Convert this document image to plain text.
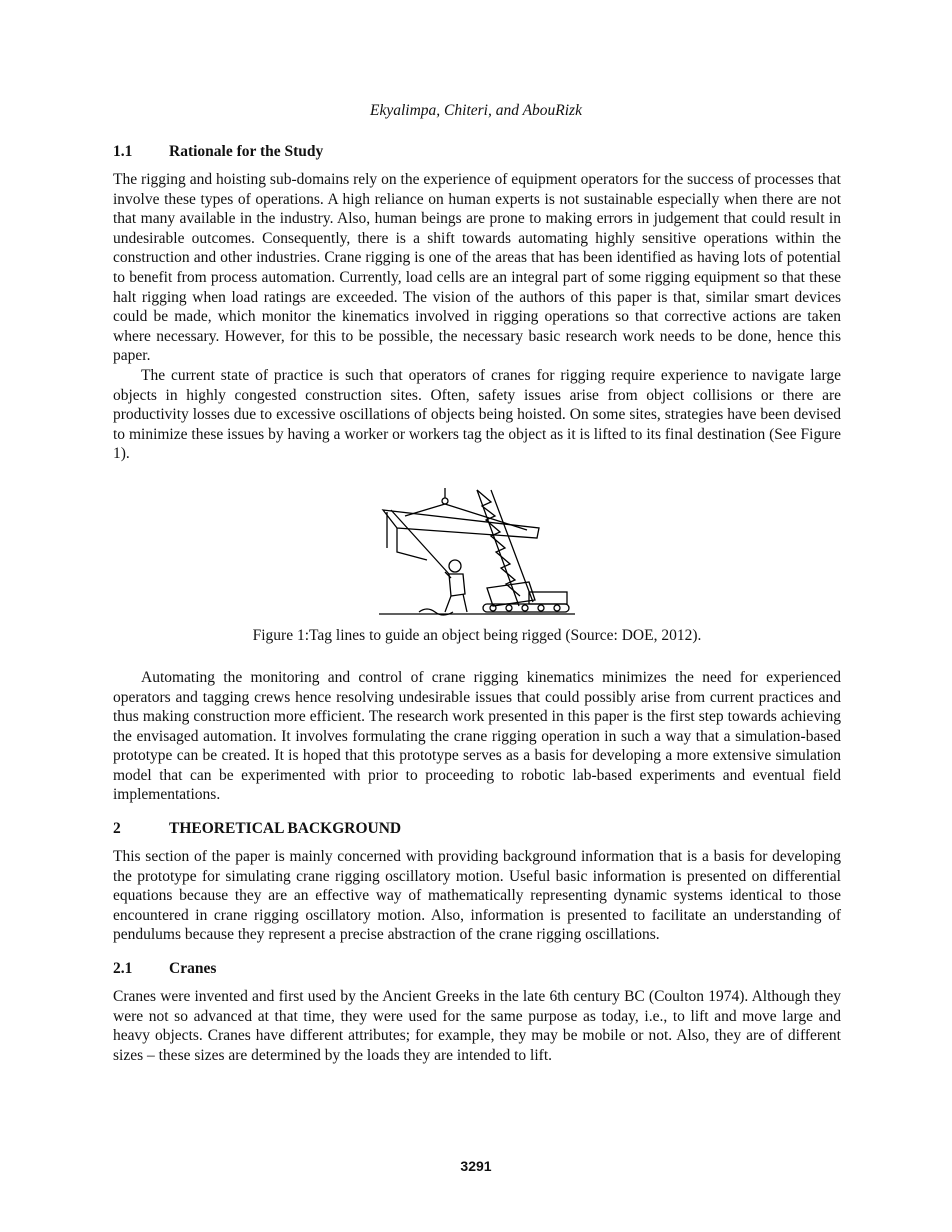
Ekyalimpa, Chiteri, and AbouRizk
1.1	Rationale for the Study

The rigging and hoisting sub-domains rely on the experience of equipment operators for the success of processes that involve these types of operations. A high reliance on human experts is not sustainable especially when there are not that many available in the industry. Also, human beings are prone to making errors in judgement that could result in undesirable outcomes. Consequently, there is a shift towards automating highly sensitive operations within the construction and other industries. Crane rigging is one of the areas that has been identified as having lots of potential to benefit from process automation. Currently, load cells are an integral part of some rigging equipment so that these halt rigging when load ratings are exceeded. The vision of the authors of this paper is that, similar smart devices could be made, which monitor the kinematics involved in rigging operations so that corrective actions are taken where necessary. However, for this to be possible, the necessary basic research work needs to be done, hence this paper.

The current state of practice is such that operators of cranes for rigging require experience to navigate large objects in highly congested construction sites. Often, safety issues arise from object collisions or there are productivity losses due to excessive oscillations of objects being hoisted. On some sites, strategies have been devised to minimize these issues by having a worker or workers tag the object as it is lifted to its final destination (See Figure 1).

Figure 1:Tag lines to guide an object being rigged (Source: DOE, 2012).

Automating the monitoring and control of crane rigging kinematics minimizes the need for experienced operators and tagging crews hence resolving undesirable issues that could possibly arise from current practices and thus making construction more efficient. The research work presented in this paper is the first step towards achieving the envisaged automation. It involves formulating the crane rigging operation in such a way that a simulation-based prototype can be created. It is hoped that this prototype serves as a basis for developing a more extensive simulation model that can be experimented with prior to proceeding to robotic lab-based experiments and eventual field implementations.

2	THEORETICAL BACKGROUND

This section of the paper is mainly concerned with providing background information that is a basis for developing the prototype for simulating crane rigging oscillatory motion. Useful basic information is presented on differential equations because they are an effective way of mathematically representing dynamic systems identical to those encountered in crane rigging oscillatory motion. Also, information is presented to facilitate an understanding of pendulums because they represent a precise abstraction of the crane rigging oscillations.

2.1	Cranes

Cranes were invented and first used by the Ancient Greeks in the late 6th century BC (Coulton 1974). Although they were not so advanced at that time, they were used for the same purpose as today, i.e., to lift and move large and heavy objects. Cranes have different attributes; for example, they may be mobile or not. Also, they are of different sizes – these sizes are determined by the loads they are intended to lift.

3291
